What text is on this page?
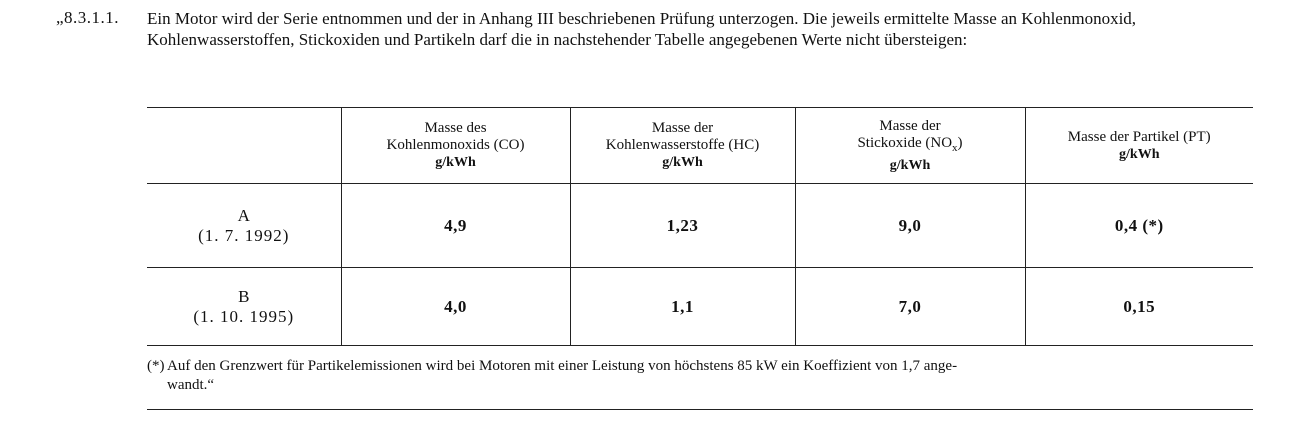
„8.3.1.1. Ein Motor wird der Serie entnommen und der in Anhang III beschriebenen Prüfung unterzogen. Die jeweils ermittelte Masse an Kohlenmonoxid, Kohlenwasserstoffen, Stickoxiden und Partikeln darf die in nachstehender Tabelle angegebenen Werte nicht übersteigen:
	Masse des
Kohlenmonoxids (CO)
g/kWh	Masse der
Kohlenwasserstoffe (HC)
g/kWh	Masse der
Stickoxide $(NO_x)$
g/kWh	Masse der Partikel (PT)
g/kWh

A
(1. 7. 1992)	4,9	1,23	9,0	0,4 (*)

B
(1. 10. 1995)	4,0	1,1	7,0	0,15
(*) Auf den Grenzwert für Partikelemissionen wird bei Motoren mit einer Leistung von höchstens 85 kW ein Koeffizient von 1,7 ange-
wandt.“
